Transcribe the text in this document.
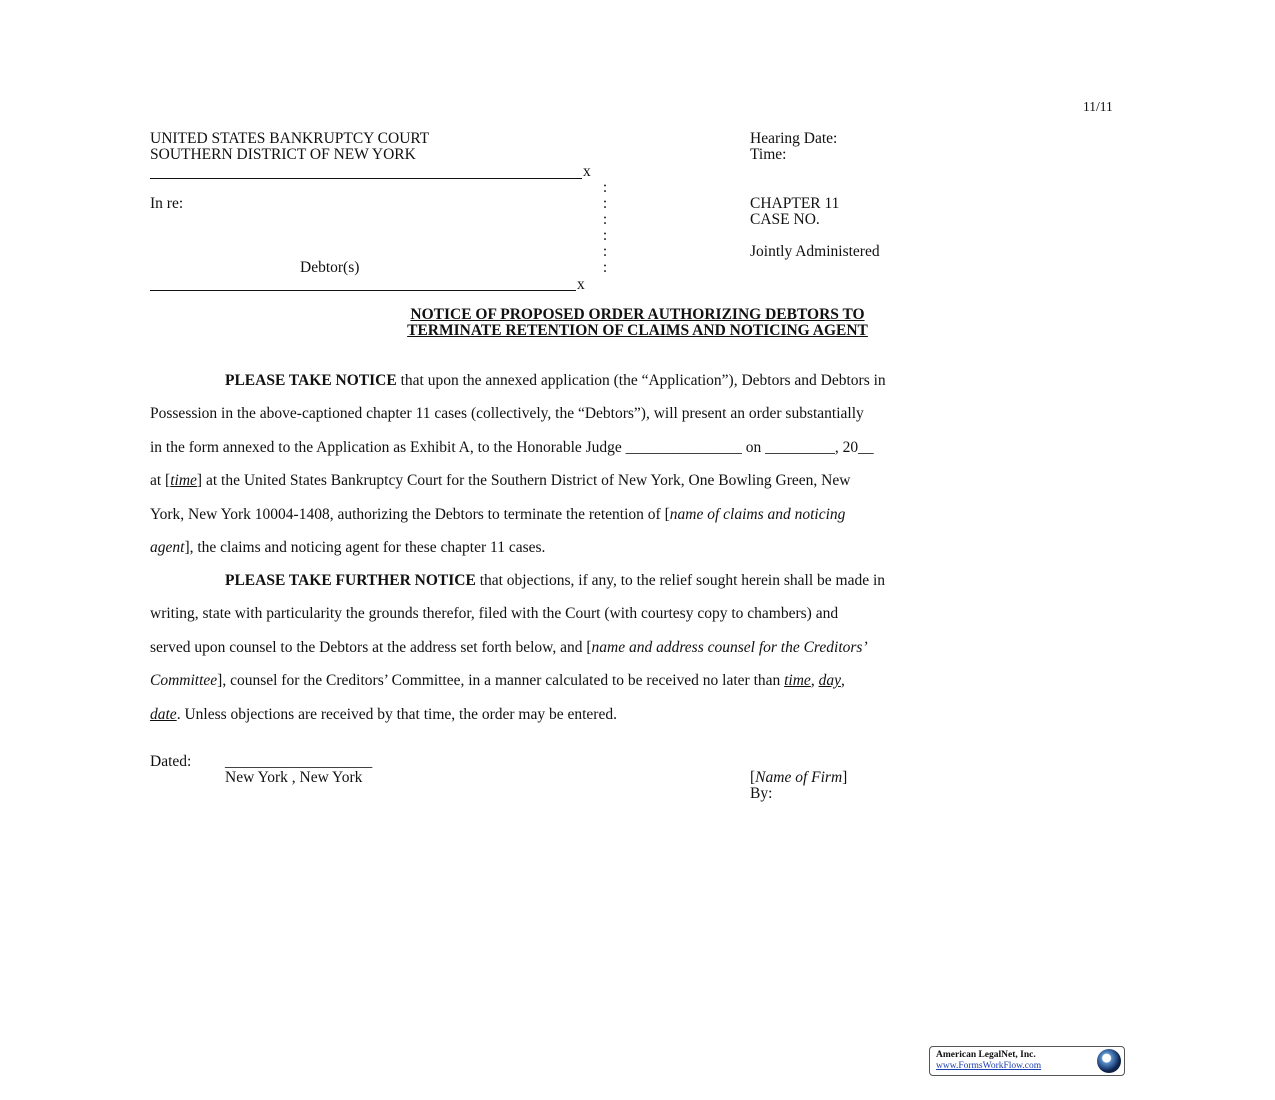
11/11
UNITED STATES BANKRUPTCY COURT
SOUTHERN DISTRICT OF NEW YORK
Hearing Date:
Time:
x
:
:
:
:
:
:
In re:	CHAPTER 11
CASE NO.
Jointly Administered
Debtor(s)
x
NOTICE OF PROPOSED ORDER AUTHORIZING DEBTORS TO
TERMINATE RETENTION OF CLAIMS AND NOTICING AGENT
PLEASE TAKE NOTICE that upon the annexed application (the “Application”), Debtors and Debtors in
Possession in the above-captioned chapter 11 cases (collectively, the “Debtors”), will present an order substantially
in the form annexed to the Application as Exhibit A, to the Honorable Judge _______________ on _________, 20__
at [time] at the United States Bankruptcy Court for the Southern District of New York, One Bowling Green, New
York, New York 10004-1408, authorizing the Debtors to terminate the retention of [name of claims and noticing
agent], the claims and noticing agent for these chapter 11 cases.
PLEASE TAKE FURTHER NOTICE that objections, if any, to the relief sought herein shall be made in
writing, state with particularity the grounds therefor, filed with the Court (with courtesy copy to chambers) and
served upon counsel to the Debtors at the address set forth below, and [name and address counsel for the Creditors’
Committee], counsel for the Creditors’ Committee, in a manner calculated to be received no later than time, day,
date. Unless objections are received by that time, the order may be entered.
Dated: ___________________
New York , New York	[Name of Firm]
By:
American LegalNet, Inc.
www.FormsWorkFlow.com
